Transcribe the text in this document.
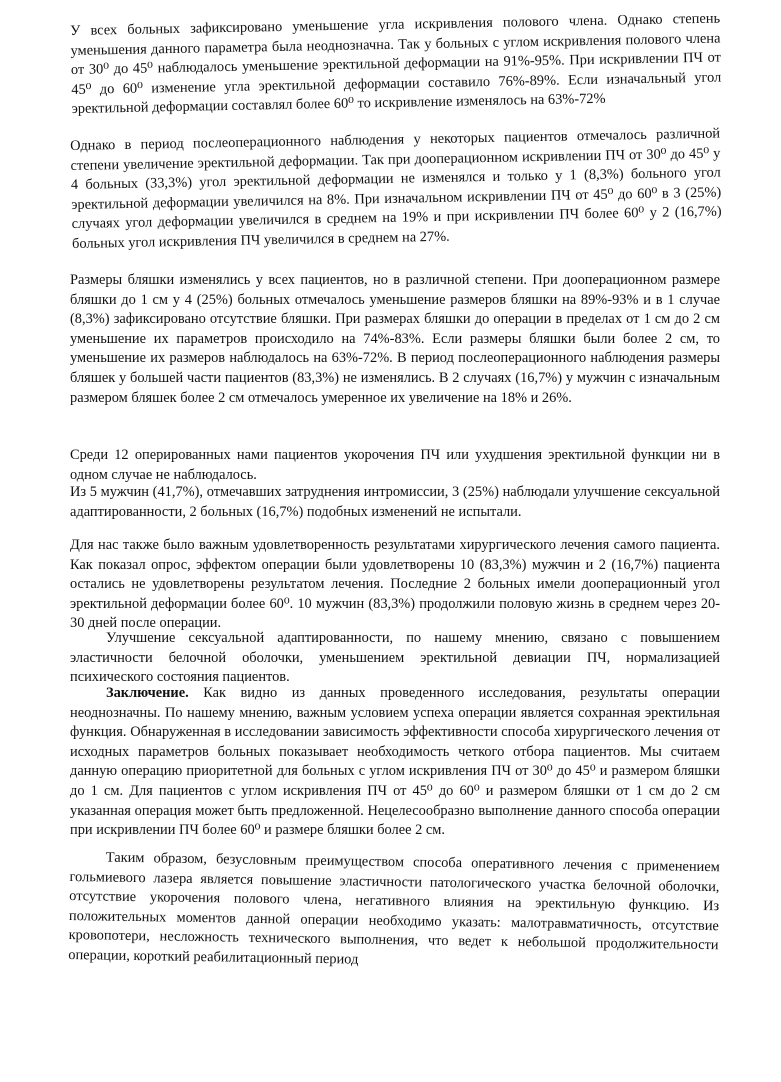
У всех больных зафиксировано уменьшение угла искривления полового члена. Однако степень уменьшения данного параметра была неоднозначна. Так у больных с углом искривления полового члена от 30⁰ до 45⁰ наблюдалось уменьшение эректильной деформации на 91%-95%. При искривлении ПЧ от 45⁰ до 60⁰ изменение угла эректильной деформации составило 76%-89%. Если изначальный угол эректильной деформации составлял более 60⁰ то искривление изменялось на 63%-72%

Однако в период послеоперационного наблюдения у некоторых пациентов отмечалось различной степени увеличение эректильной деформации. Так при дооперационном искривлении ПЧ от 30⁰ до 45⁰ у 4 больных (33,3%) угол эректильной деформации не изменялся и только у 1 (8,3%) больного угол эректильной деформации увеличился на 8%. При изначальном искривлении ПЧ от 45⁰ до 60⁰ в 3 (25%) случаях угол деформации увеличился в среднем на 19% и при искривлении ПЧ более 60⁰ у 2 (16,7%) больных угол искривления ПЧ увеличился в среднем на 27%.

Размеры бляшки изменялись у всех пациентов, но в различной степени. При дооперационном размере бляшки до 1 см у 4 (25%) больных отмечалось уменьшение размеров бляшки на 89%-93% и в 1 случае (8,3%) зафиксировано отсутствие бляшки. При размерах бляшки до операции в пределах от 1 см до 2 см уменьшение их параметров происходило на 74%-83%. Если размеры бляшки были более 2 см, то уменьшение их размеров наблюдалось на 63%-72%. В период послеоперационного наблюдения размеры бляшек у большей части пациентов (83,3%) не изменялись. В 2 случаях (16,7%) у мужчин с изначальным размером бляшек более 2 см отмечалось умеренное их увеличение на 18% и 26%.

Среди 12 оперированных нами пациентов укорочения ПЧ или ухудшения эректильной функции ни в одном случае не наблюдалось.

Из 5 мужчин (41,7%), отмечавших затруднения интромиссии, 3 (25%) наблюдали улучшение сексуальной адаптированности, 2 больных (16,7%) подобных изменений не испытали.

Для нас также было важным удовлетворенность результатами хирургического лечения самого пациента. Как показал опрос, эффектом операции были удовлетворены 10 (83,3%) мужчин и 2 (16,7%) пациента остались не удовлетворены результатом лечения. Последние 2 больных имели дооперационный угол эректильной деформации более 60⁰. 10 мужчин (83,3%) продолжили половую жизнь в среднем через 20-30 дней после операции.

Улучшение сексуальной адаптированности, по нашему мнению, связано с повышением эластичности белочной оболочки, уменьшением эректильной девиации ПЧ, нормализацией психического состояния пациентов.

Заключение. Как видно из данных проведенного исследования, результаты операции неоднозначны. По нашему мнению, важным условием успеха операции является сохранная эректильная функция. Обнаруженная в исследовании зависимость эффективности способа хирургического лечения от исходных параметров больных показывает необходимость четкого отбора пациентов. Мы считаем данную операцию приоритетной для больных с углом искривления ПЧ от 30⁰ до 45⁰ и размером бляшки до 1 см. Для пациентов с углом искривления ПЧ от 45⁰ до 60⁰ и размером бляшки от 1 см до 2 см указанная операция может быть предложенной. Нецелесообразно выполнение данного способа операции при искривлении ПЧ более 60⁰ и размере бляшки более 2 см.

Таким образом, безусловным преимуществом способа оперативного лечения с применением гольмиевого лазера является повышение эластичности патологического участка белочной оболочки, отсутствие укорочения полового члена, негативного влияния на эректильную функцию. Из положительных моментов данной операции необходимо указать: малотравматичность, отсутствие кровопотери, несложность технического выполнения, что ведет к небольшой продолжительности операции, короткий реабилитационный период
